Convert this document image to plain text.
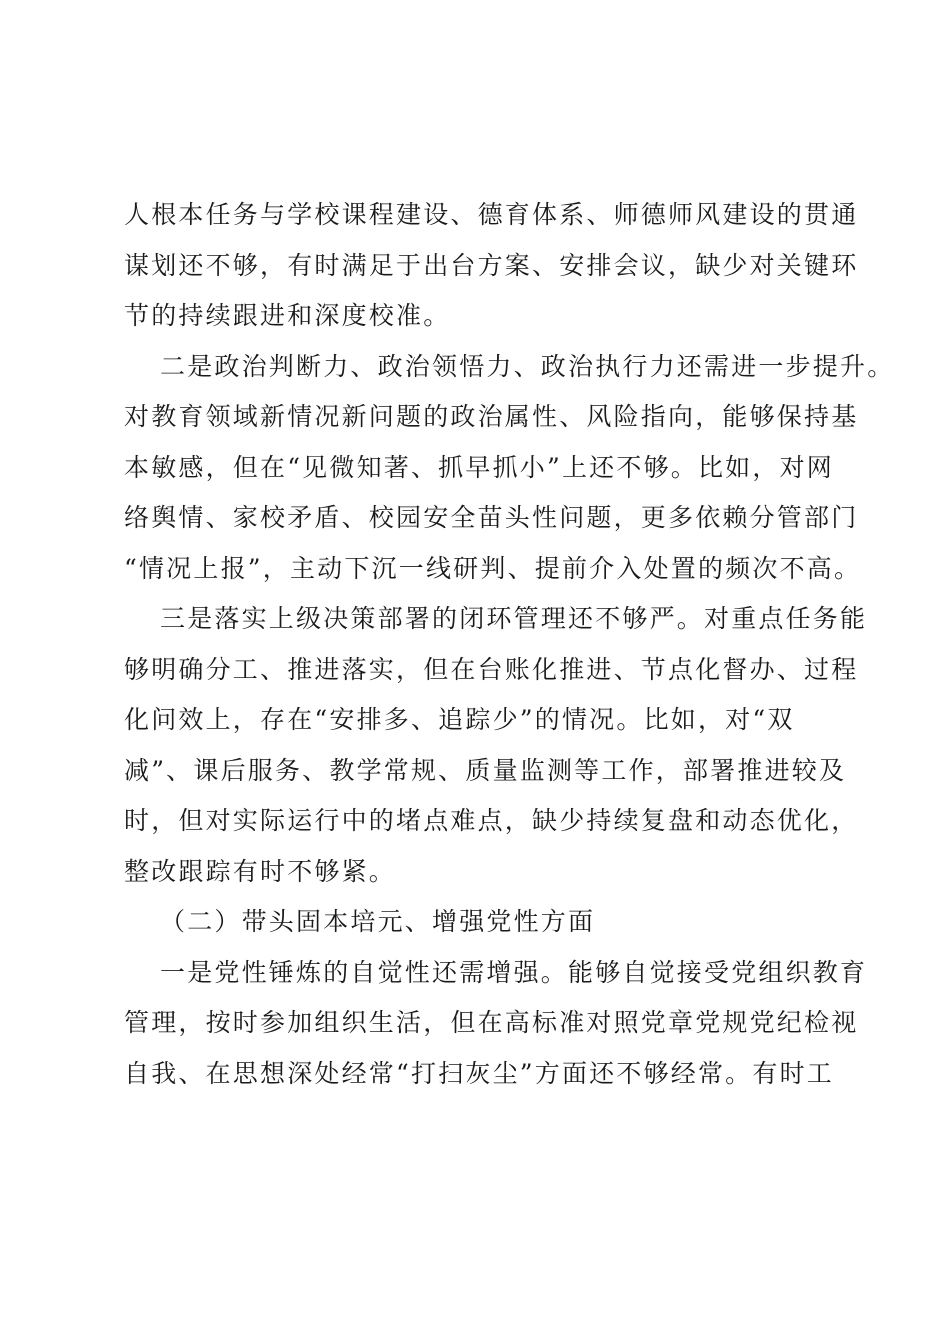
人根本任务与学校课程建设、德育体系、师德师风建设的贯通
谋划还不够，有时满足于出台方案、安排会议，缺少对关键环
节的持续跟进和深度校准。
二是政治判断力、政治领悟力、政治执行力还需进一步提升。
对教育领域新情况新问题的政治属性、风险指向，能够保持基
本敏感，但在“见微知著、抓早抓小”上还不够。比如，对网
络舆情、家校矛盾、校园安全苗头性问题，更多依赖分管部门
“情况上报”，主动下沉一线研判、提前介入处置的频次不高。
三是落实上级决策部署的闭环管理还不够严。对重点任务能
够明确分工、推进落实，但在台账化推进、节点化督办、过程
化问效上，存在“安排多、追踪少”的情况。比如，对“双
减”、课后服务、教学常规、质量监测等工作，部署推进较及
时，但对实际运行中的堵点难点，缺少持续复盘和动态优化，
整改跟踪有时不够紧。
（二）带头固本培元、增强党性方面
一是党性锤炼的自觉性还需增强。能够自觉接受党组织教育
管理，按时参加组织生活，但在高标准对照党章党规党纪检视
自我、在思想深处经常“打扫灰尘”方面还不够经常。有时工
